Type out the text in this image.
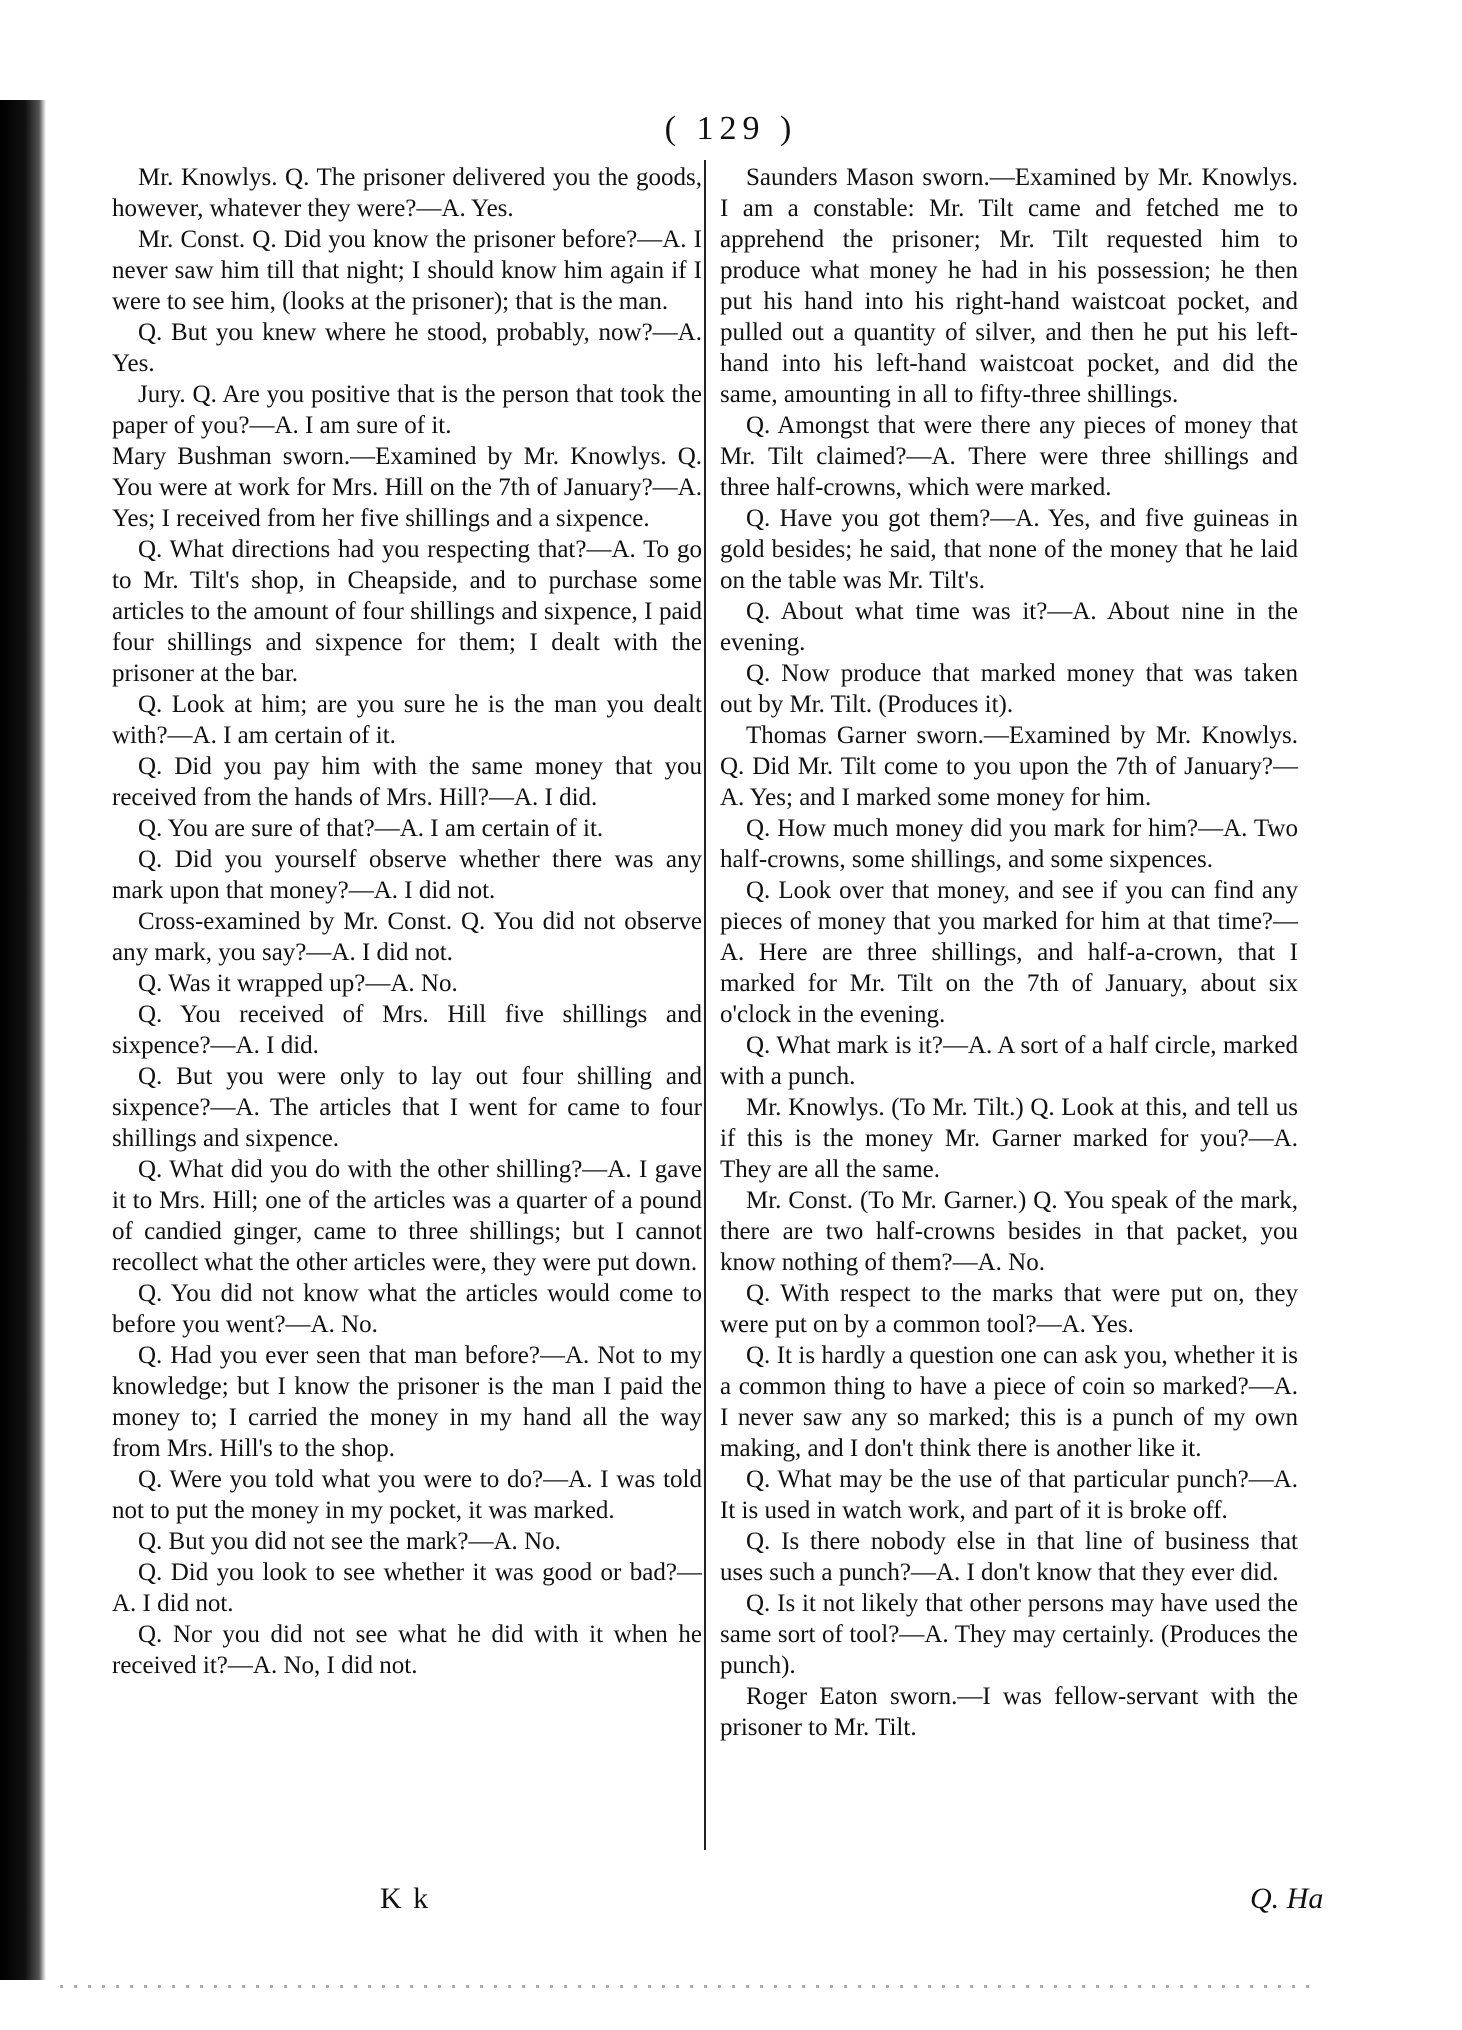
( 129 )

Mr. Knowlys. Q. The prisoner delivered you the goods, however, whatever they were?—A. Yes.

Mr. Const. Q. Did you know the prisoner before?—A. I never saw him till that night; I should know him again if I were to see him, (looks at the prisoner); that is the man.

Q. But you knew where he stood, probably, now?—A. Yes.

Jury. Q. Are you positive that is the person that took the paper of you?—A. I am sure of it.

Mary Bushman sworn.—Examined by Mr. Knowlys. Q. You were at work for Mrs. Hill on the 7th of January?—A. Yes; I received from her five shillings and a sixpence.

Q. What directions had you respecting that?—A. To go to Mr. Tilt's shop, in Cheapside, and to purchase some articles to the amount of four shillings and sixpence, I paid four shillings and sixpence for them; I dealt with the prisoner at the bar.

Q. Look at him; are you sure he is the man you dealt with?—A. I am certain of it.

Q. Did you pay him with the same money that you received from the hands of Mrs. Hill?—A. I did.

Q. You are sure of that?—A. I am certain of it.

Q. Did you yourself observe whether there was any mark upon that money?—A. I did not.

Cross-examined by Mr. Const. Q. You did not observe any mark, you say?—A. I did not.

Q. Was it wrapped up?—A. No.

Q. You received of Mrs. Hill five shillings and sixpence?—A. I did.

Q. But you were only to lay out four shilling and sixpence?—A. The articles that I went for came to four shillings and sixpence.

Q. What did you do with the other shilling?—A. I gave it to Mrs. Hill; one of the articles was a quarter of a pound of candied ginger, came to three shillings; but I cannot recollect what the other articles were, they were put down.

Q. You did not know what the articles would come to before you went?—A. No.

Q. Had you ever seen that man before?—A. Not to my knowledge; but I know the prisoner is the man I paid the money to; I carried the money in my hand all the way from Mrs. Hill's to the shop.

Q. Were you told what you were to do?—A. I was told not to put the money in my pocket, it was marked.

Q. But you did not see the mark?—A. No.

Q. Did you look to see whether it was good or bad?—A. I did not.

Q. Nor you did not see what he did with it when he received it?—A. No, I did not.

Saunders Mason sworn.—Examined by Mr. Knowlys. I am a constable: Mr. Tilt came and fetched me to apprehend the prisoner; Mr. Tilt requested him to produce what money he had in his possession; he then put his hand into his right-hand waistcoat pocket, and pulled out a quantity of silver, and then he put his left-hand into his left-hand waistcoat pocket, and did the same, amounting in all to fifty-three shillings.

Q. Amongst that were there any pieces of money that Mr. Tilt claimed?—A. There were three shillings and three half-crowns, which were marked.

Q. Have you got them?—A. Yes, and five guineas in gold besides; he said, that none of the money that he laid on the table was Mr. Tilt's.

Q. About what time was it?—A. About nine in the evening.

Q. Now produce that marked money that was taken out by Mr. Tilt. (Produces it).

Thomas Garner sworn.—Examined by Mr. Knowlys. Q. Did Mr. Tilt come to you upon the 7th of January?—A. Yes; and I marked some money for him.

Q. How much money did you mark for him?—A. Two half-crowns, some shillings, and some sixpences.

Q. Look over that money, and see if you can find any pieces of money that you marked for him at that time?—A. Here are three shillings, and half-a-crown, that I marked for Mr. Tilt on the 7th of January, about six o'clock in the evening.

Q. What mark is it?—A. A sort of a half circle, marked with a punch.

Mr. Knowlys. (To Mr. Tilt.) Q. Look at this, and tell us if this is the money Mr. Garner marked for you?—A. They are all the same.

Mr. Const. (To Mr. Garner.) Q. You speak of the mark, there are two half-crowns besides in that packet, you know nothing of them?—A. No.

Q. With respect to the marks that were put on, they were put on by a common tool?—A. Yes.

Q. It is hardly a question one can ask you, whether it is a common thing to have a piece of coin so marked?—A. I never saw any so marked; this is a punch of my own making, and I don't think there is another like it.

Q. What may be the use of that particular punch?—A. It is used in watch work, and part of it is broke off.

Q. Is there nobody else in that line of business that uses such a punch?—A. I don't know that they ever did.

Q. Is it not likely that other persons may have used the same sort of tool?—A. They may certainly. (Produces the punch).

Roger Eaton sworn.—I was fellow-servant with the prisoner to Mr. Tilt.

K k	Q. Ha
